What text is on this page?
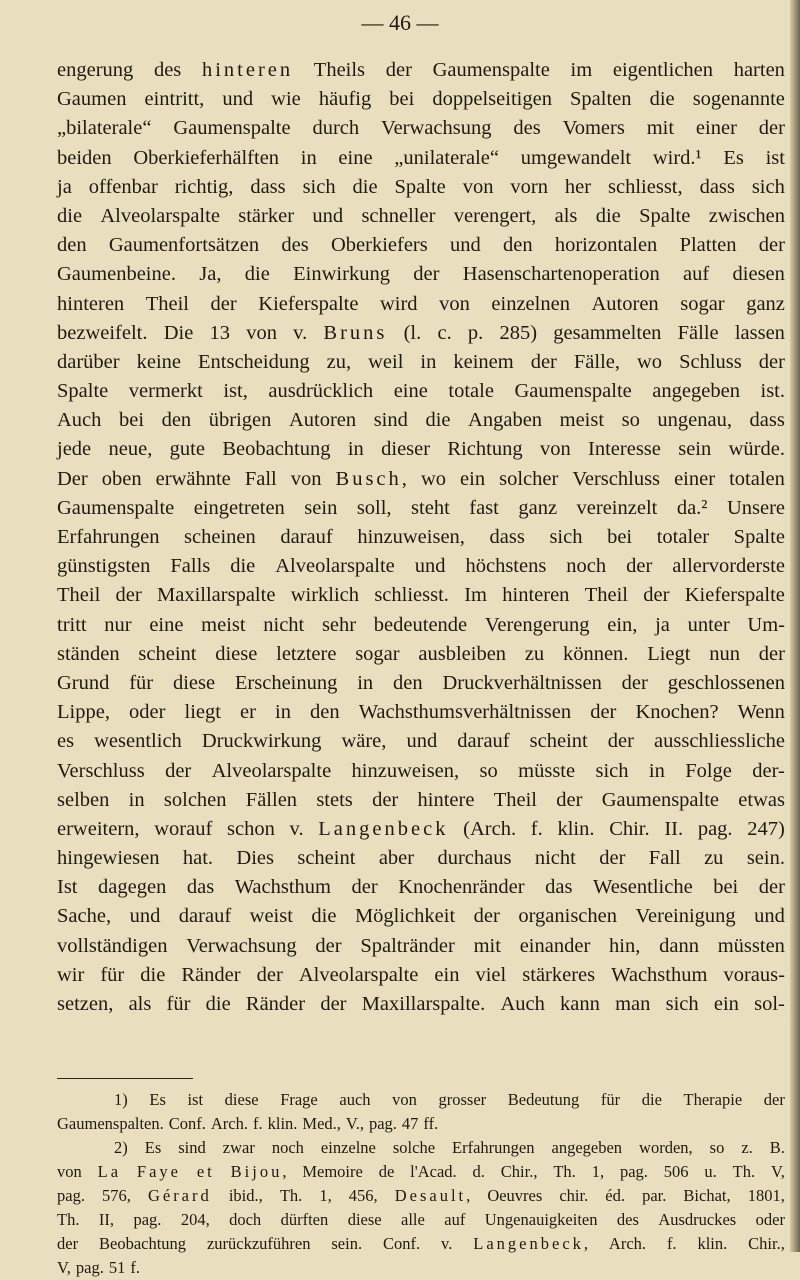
— 46 —
engerung des hinteren Theils der Gaumenspalte im eigentlichen harten
Gaumen eintritt, und wie häufig bei doppelseitigen Spalten die sogenannte
„bilaterale“ Gaumenspalte durch Verwachsung des Vomers mit einer der
beiden Oberkieferhälften in eine „unilaterale“ umgewandelt wird.¹ Es ist
ja offenbar richtig, dass sich die Spalte von vorn her schliesst, dass sich
die Alveolarspalte stärker und schneller verengert, als die Spalte zwischen
den Gaumenfortsätzen des Oberkiefers und den horizontalen Platten der
Gaumenbeine. Ja, die Einwirkung der Hasenschartenoperation auf diesen
hinteren Theil der Kieferspalte wird von einzelnen Autoren sogar ganz
bezweifelt. Die 13 von v. Bruns (l. c. p. 285) gesammelten Fälle lassen
darüber keine Entscheidung zu, weil in keinem der Fälle, wo Schluss der
Spalte vermerkt ist, ausdrücklich eine totale Gaumenspalte angegeben ist.
Auch bei den übrigen Autoren sind die Angaben meist so ungenau, dass
jede neue, gute Beobachtung in dieser Richtung von Interesse sein würde.
Der oben erwähnte Fall von Busch, wo ein solcher Verschluss einer totalen
Gaumenspalte eingetreten sein soll, steht fast ganz vereinzelt da.² Unsere
Erfahrungen scheinen darauf hinzuweisen, dass sich bei totaler Spalte
günstigsten Falls die Alveolarspalte und höchstens noch der allervorderste
Theil der Maxillarspalte wirklich schliesst. Im hinteren Theil der Kieferspalte
tritt nur eine meist nicht sehr bedeutende Verengerung ein, ja unter Um-
ständen scheint diese letztere sogar ausbleiben zu können. Liegt nun der
Grund für diese Erscheinung in den Druckverhältnissen der geschlossenen
Lippe, oder liegt er in den Wachsthumsverhältnissen der Knochen? Wenn
es wesentlich Druckwirkung wäre, und darauf scheint der ausschliessliche
Verschluss der Alveolarspalte hinzuweisen, so müsste sich in Folge der-
selben in solchen Fällen stets der hintere Theil der Gaumenspalte etwas
erweitern, worauf schon v. Langenbeck (Arch. f. klin. Chir. II. pag. 247)
hingewiesen hat. Dies scheint aber durchaus nicht der Fall zu sein.
Ist dagegen das Wachsthum der Knochenränder das Wesentliche bei der
Sache, und darauf weist die Möglichkeit der organischen Vereinigung und
vollständigen Verwachsung der Spaltränder mit einander hin, dann müssten
wir für die Ränder der Alveolarspalte ein viel stärkeres Wachsthum voraus-
setzen, als für die Ränder der Maxillarspalte. Auch kann man sich ein sol-
1) Es ist diese Frage auch von grosser Bedeutung für die Therapie der
Gaumenspalten. Conf. Arch. f. klin. Med., V., pag. 47 ff.
2) Es sind zwar noch einzelne solche Erfahrungen angegeben worden, so z. B.
von La Faye et Bijou, Memoire de l'Acad. d. Chir., Th. 1, pag. 506 u. Th. V,
pag. 576, Gérard ibid., Th. 1, 456, Desault, Oeuvres chir. éd. par. Bichat, 1801,
Th. II, pag. 204, doch dürften diese alle auf Ungenauigkeiten des Ausdruckes oder
der Beobachtung zurückzuführen sein. Conf. v. Langenbeck, Arch. f. klin. Chir.,
V, pag. 51 f.
